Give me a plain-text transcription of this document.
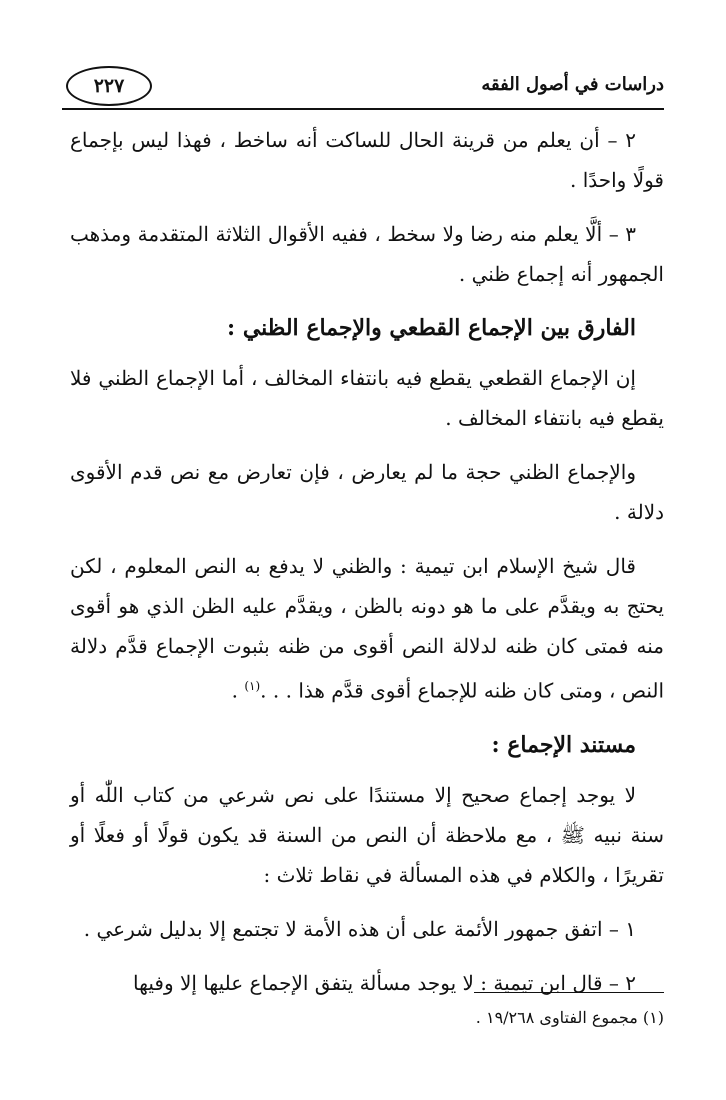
دراسات في أصول الفقه
٢٢٧

٢ – أن يعلم من قرينة الحال للساكت أنه ساخط ، فهذا ليس بإجماع قولًا واحدًا .

٣ – ألَّا يعلم منه رضا ولا سخط ، ففيه الأقوال الثلاثة المتقدمة ومذهب الجمهور أنه إجماع ظني .

الفارق بين الإجماع القطعي والإجماع الظني :

إن الإجماع القطعي يقطع فيه بانتفاء المخالف ، أما الإجماع الظني فلا يقطع فيه بانتفاء المخالف .

والإجماع الظني حجة ما لم يعارض ، فإن تعارض مع نص قدم الأقوى دلالة .

قال شيخ الإسلام ابن تيمية : والظني لا يدفع به النص المعلوم ، لكن يحتج به ويقدَّم على ما هو دونه بالظن ، ويقدَّم عليه الظن الذي هو أقوى منه فمتى كان ظنه لدلالة النص أقوى من ظنه بثبوت الإجماع قدَّم دلالة النص ، ومتى كان ظنه للإجماع أقوى قدَّم هذا . . .$^{(١)}$ .

مستند الإجماع :

لا يوجد إجماع صحيح إلا مستندًا على نص شرعي من كتاب اللّٰه أو سنة نبيه ﷺ ، مع ملاحظة أن النص من السنة قد يكون قولًا أو فعلًا أو تقريرًا ، والكلام في هذه المسألة في نقاط ثلاث :

١ – اتفق جمهور الأئمة على أن هذه الأمة لا تجتمع إلا بدليل شرعي .

٢ – قال ابن تيمية : لا يوجد مسألة يتفق الإجماع عليها إلا وفيها

(١) مجموع الفتاوى ١٩/٢٦٨ .
